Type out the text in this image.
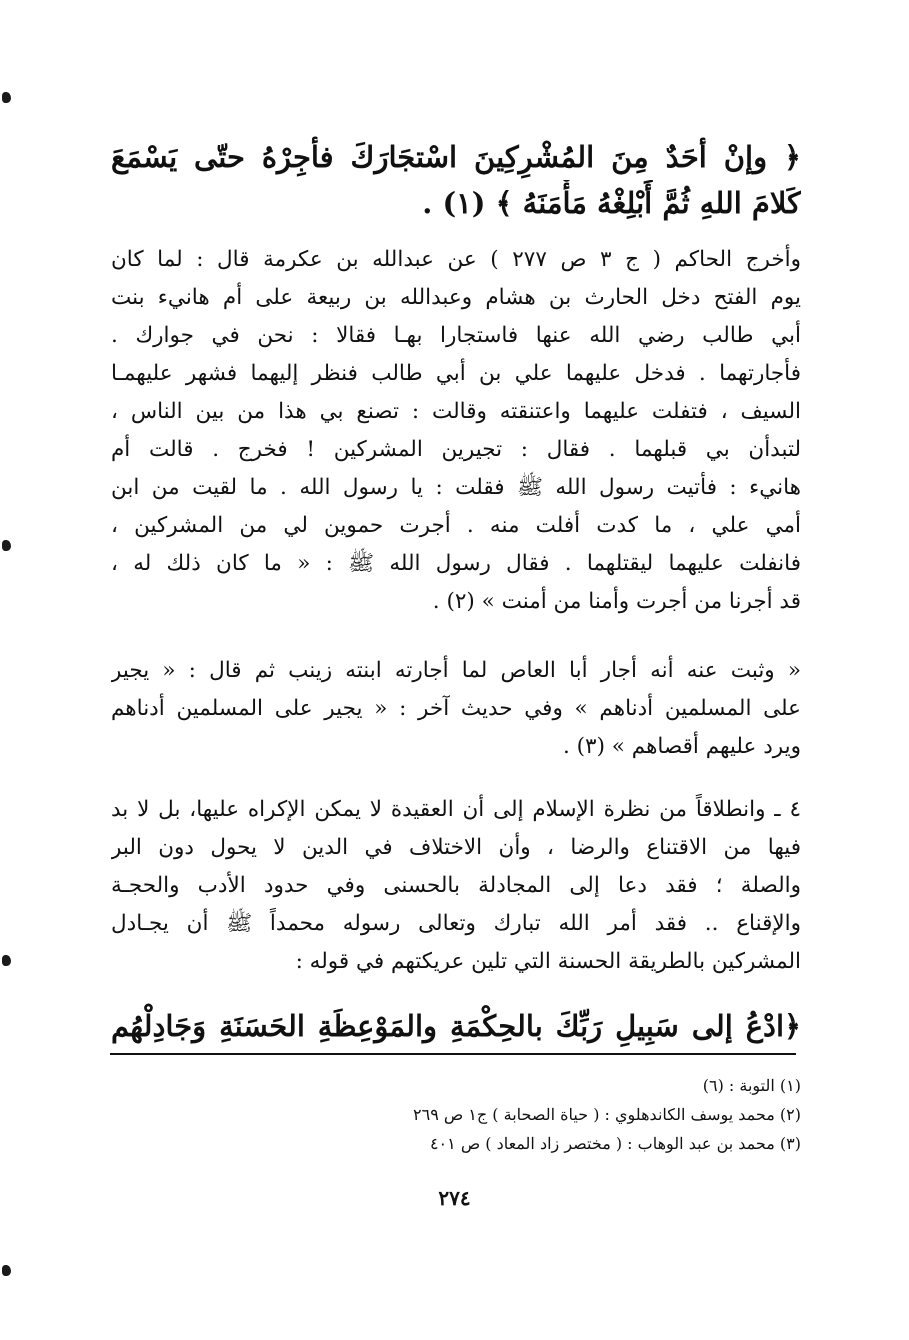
﴿ وإنْ أحَدٌ مِنَ المُشْرِكِينَ اسْتجَارَكَ فأجِرْهُ حتّى يَسْمَعَ
كَلامَ اللهِ ثُمَّ أَبْلِغْهُ مَأْمَنَهُ ﴾ (١) .
وأخرج الحاكم ( ج ٣ ص ٢٧٧ ) عن عبدالله بن عكرمة قال : لما كان
يوم الفتح دخل الحارث بن هشام وعبدالله بن ربيعة على أم هانيء بنت
أبي طالب رضي الله عنها فاستجارا بهـا فقالا : نحن في جوارك .
فأجارتهما . فدخل عليهما علي بن أبي طالب فنظر إليهما فشهر عليهمـا
السيف ، فتفلت عليهما واعتنقته وقالت : تصنع بي هذا من بين الناس ،
لتبدأن بي قبلهما . فقال : تجيرين المشركين ! فخرج . قالت أم
هانيء : فأتيت رسول الله ﷺ فقلت : يا رسول الله . ما لقيت من ابن
أمي علي ، ما كدت أفلت منه . أجرت حموين لي من المشركين ،
فانفلت عليهما ليقتلهما . فقال رسول الله ﷺ : « ما كان ذلك له ،
قد أجرنا من أجرت وأمنا من أمنت » (٢) .
« وثبت عنه أنه أجار أبا العاص لما أجارته ابنته زينب ثم قال : « يجير
على المسلمين أدناهم » وفي حديث آخر : « يجير على المسلمين أدناهم
ويرد عليهم أقصاهم » (٣) .
٤ ـ وانطلاقاً من نظرة الإسلام إلى أن العقيدة لا يمكن الإكراه عليها، بل لا بد
فيها من الاقتناع والرضا ، وأن الاختلاف في الدين لا يحول دون البر
والصلة ؛ فقد دعا إلى المجادلة بالحسنى وفي حدود الأدب والحجـة
والإقناع .. فقد أمر الله تبارك وتعالى رسوله محمداً ﷺ أن يجـادل
المشركين بالطريقة الحسنة التي تلين عريكتهم في قوله :
﴿ادْعُ إلى سَبِيلِ رَبِّكَ بالحِكْمَةِ والمَوْعِظَةِ الحَسَنَةِ وَجَادِلْهُم
(١) التوبة : (٦)
(٢) محمد يوسف الكاندهلوي : ( حياة الصحابة ) ج١ ص ٢٦٩
(٣) محمد بن عبد الوهاب : ( مختصر زاد المعاد ) ص ٤٠١
٢٧٤
